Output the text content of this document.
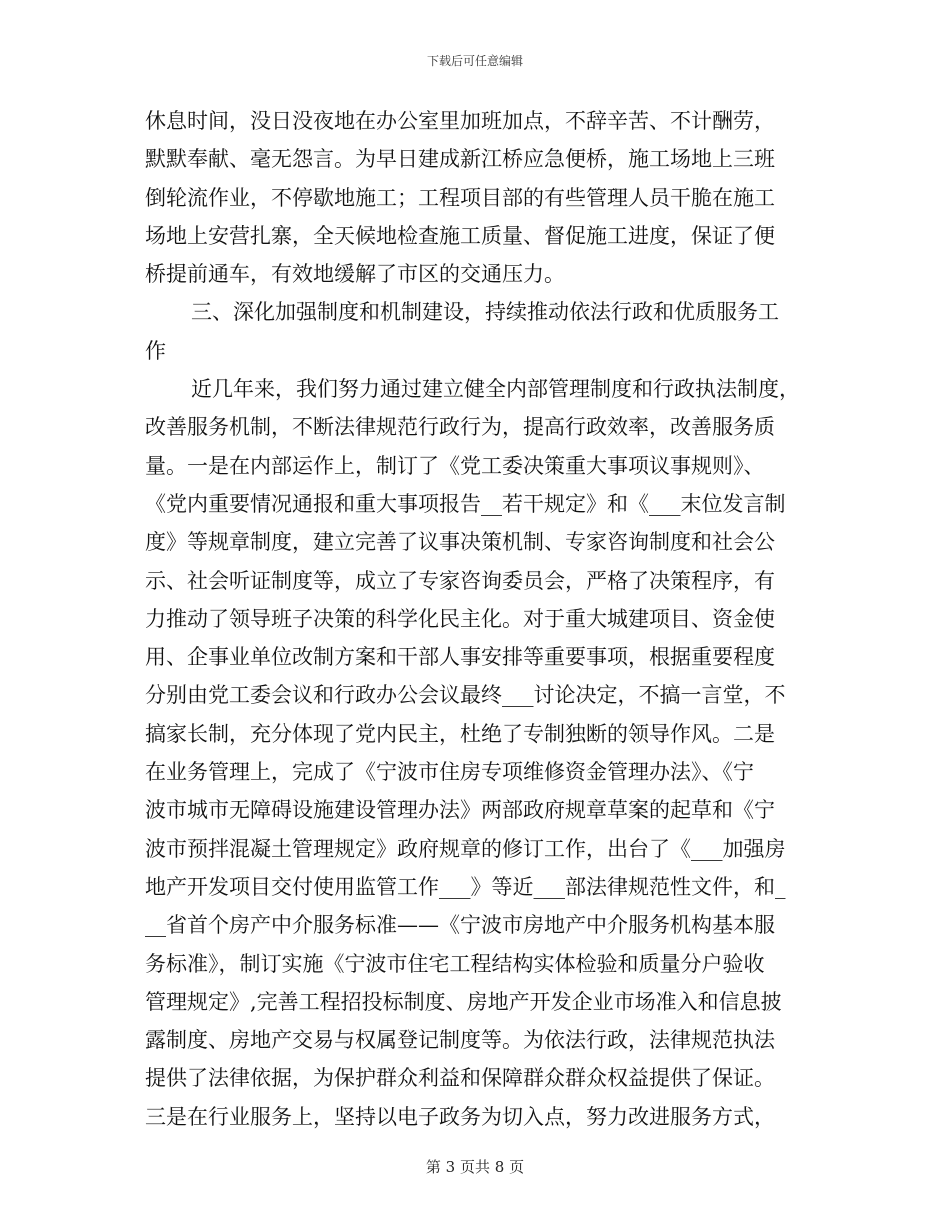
下载后可任意编辑
休息时间，没日没夜地在办公室里加班加点，不辞辛苦、不计酬劳，
默默奉献、毫无怨言。为早日建成新江桥应急便桥，施工场地上三班
倒轮流作业，不停歇地施工；工程项目部的有些管理人员干脆在施工
场地上安营扎寨，全天候地检查施工质量、督促施工进度，保证了便
桥提前通车，有效地缓解了市区的交通压力。
三、深化加强制度和机制建设，持续推动依法行政和优质服务工
作
近几年来，我们努力通过建立健全内部管理制度和行政执法制度，
改善服务机制，不断法律规范行政行为，提高行政效率，改善服务质
量。一是在内部运作上，制订了《党工委决策重大事项议事规则》、
《党内重要情况通报和重大事项报告__若干规定》和《___末位发言制
度》等规章制度，建立完善了议事决策机制、专家咨询制度和社会公
示、社会听证制度等，成立了专家咨询委员会，严格了决策程序，有
力推动了领导班子决策的科学化民主化。对于重大城建项目、资金使
用、企事业单位改制方案和干部人事安排等重要事项，根据重要程度
分别由党工委会议和行政办公会议最终___讨论决定，不搞一言堂，不
搞家长制，充分体现了党内民主，杜绝了专制独断的领导作风。二是
在业务管理上，完成了《宁波市住房专项维修资金管理办法》、《宁
波市城市无障碍设施建设管理办法》两部政府规章草案的起草和《宁
波市预拌混凝土管理规定》政府规章的修订工作，出台了《___加强房
地产开发项目交付使用监管工作___》等近___部法律规范性文件，和_
__省首个房产中介服务标准——《宁波市房地产中介服务机构基本服
务标准》，制订实施《宁波市住宅工程结构实体检验和质量分户验收
管理规定》,完善工程招投标制度、房地产开发企业市场准入和信息披
露制度、房地产交易与权属登记制度等。为依法行政，法律规范执法
提供了法律依据，为保护群众利益和保障群众群众权益提供了保证。
三是在行业服务上，坚持以电子政务为切入点，努力改进服务方式，
第 3 页共 8 页
